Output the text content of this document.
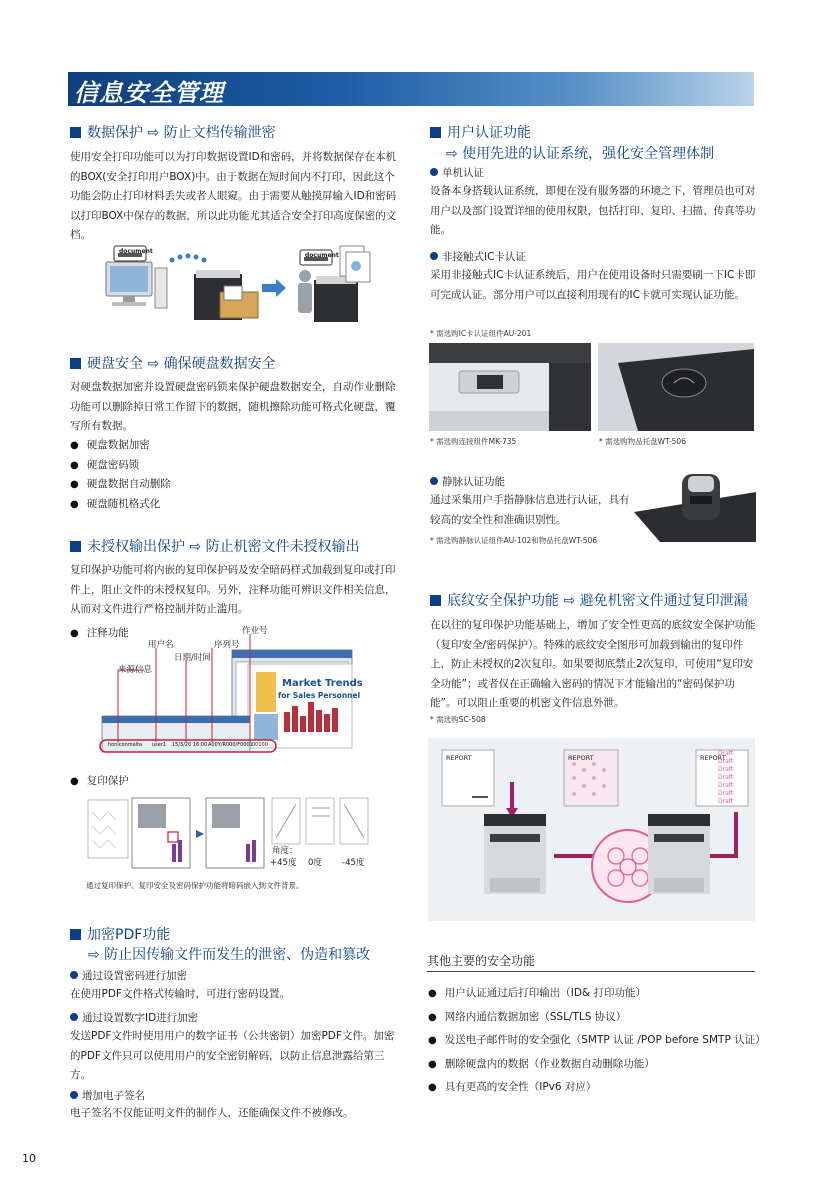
信息安全管理
数据保护 ⇨ 防止文档传输泄密
使用安全打印功能可以为打印数据设置ID和密码，并将数据保存在本机的BOX(安全打印用户BOX)中。由于数据在短时间内不打印，因此这个功能会防止打印材料丢失或者人眼窥。由于需要从触摸屏输入ID和密码以打印BOX中保存的数据，所以此功能尤其适合安全打印高度保密的文档。
document
document
硬盘安全 ⇨ 确保硬盘数据安全
对硬盘数据加密并设置硬盘密码锁来保护硬盘数据安全，自动作业删除功能可以删除掉日常工作留下的数据，随机擦除功能可格式化硬盘，覆写所有数据。
● 硬盘数据加密
● 硬盘密码锁
● 硬盘数据自动删除
● 硬盘随机格式化
未授权输出保护 ⇨ 防止机密文件未授权输出
复印保护功能可将内嵌的复印保护码及安全暗码样式加载到复印或打印件上，阻止文件的未授权复印。另外，注释功能可辨识文件相关信息，从而对文件进行严格控制并防止滥用。
● 注释功能	作业号
用户名	序列号
日期/时间
来源信息
Market Trends
for Sales Personnel
honiconmalta user1 15/3/20 16:00 A00Y/R000/F0001 00100
● 复印保护
角度：
+45度 0度 -45度
通过复印保护、复印安全及密码保护功能将暗码嵌入到文件背景。
加密PDF功能
⇨ 防止因传输文件而发生的泄密、伪造和篡改
通过设置密码进行加密
在使用PDF文件格式传输时，可进行密码设置。
通过设置数字ID进行加密
发送PDF文件时使用用户的数字证书（公共密钥）加密PDF文件。加密的PDF文件只可以使用用户的安全密钥解码，以防止信息泄露给第三方。
增加电子签名
电子签名不仅能证明文件的制作人，还能确保文件不被修改。
用户认证功能
⇨ 使用先进的认证系统，强化安全管理体制
单机认证
设备本身搭载认证系统，即便在没有服务器的环境之下，管理员也可对用户以及部门设置详细的使用权限，包括打印、复印、扫描、传真等功能。
非接触式IC卡认证
采用非接触式IC卡认证系统后，用户在使用设备时只需要刷一下IC卡即可完成认证。部分用户可以直接利用现有的IC卡就可实现认证功能。
* 需选购IC卡认证组件AU-201
* 需选购连接组件MK-735	* 需选购物品托盘WT-506
静脉认证功能
通过采集用户手指静脉信息进行认证，具有较高的安全性和准确识别性。
* 需选购静脉认证组件AU-102和物品托盘WT-506
底纹安全保护功能 ⇨ 避免机密文件通过复印泄漏
在以往的复印保护功能基础上，增加了安全性更高的底纹安全保护功能（复印安全/密码保护）。特殊的底纹安全图形可加载到输出的复印件上，防止未授权的2次复印。如果要彻底禁止2次复印，可使用“复印安全功能”；或者仅在正确输入密码的情况下才能输出的“密码保护功能”。可以阻止重要的机密文件信息外泄。
* 需选购SC-508
REPORT	REPORT	REPORT
Draft
Draft
Draft
Draft
Draft
Draft
Draft
其他主要的安全功能
● 用户认证通过后打印输出（ID& 打印功能）
● 网络内通信数据加密（SSL/TLS 协议）
● 发送电子邮件时的安全强化（SMTP 认证 /POP before SMTP 认证）
● 删除硬盘内的数据（作业数据自动删除功能）
● 具有更高的安全性（IPv6 对应）
10
